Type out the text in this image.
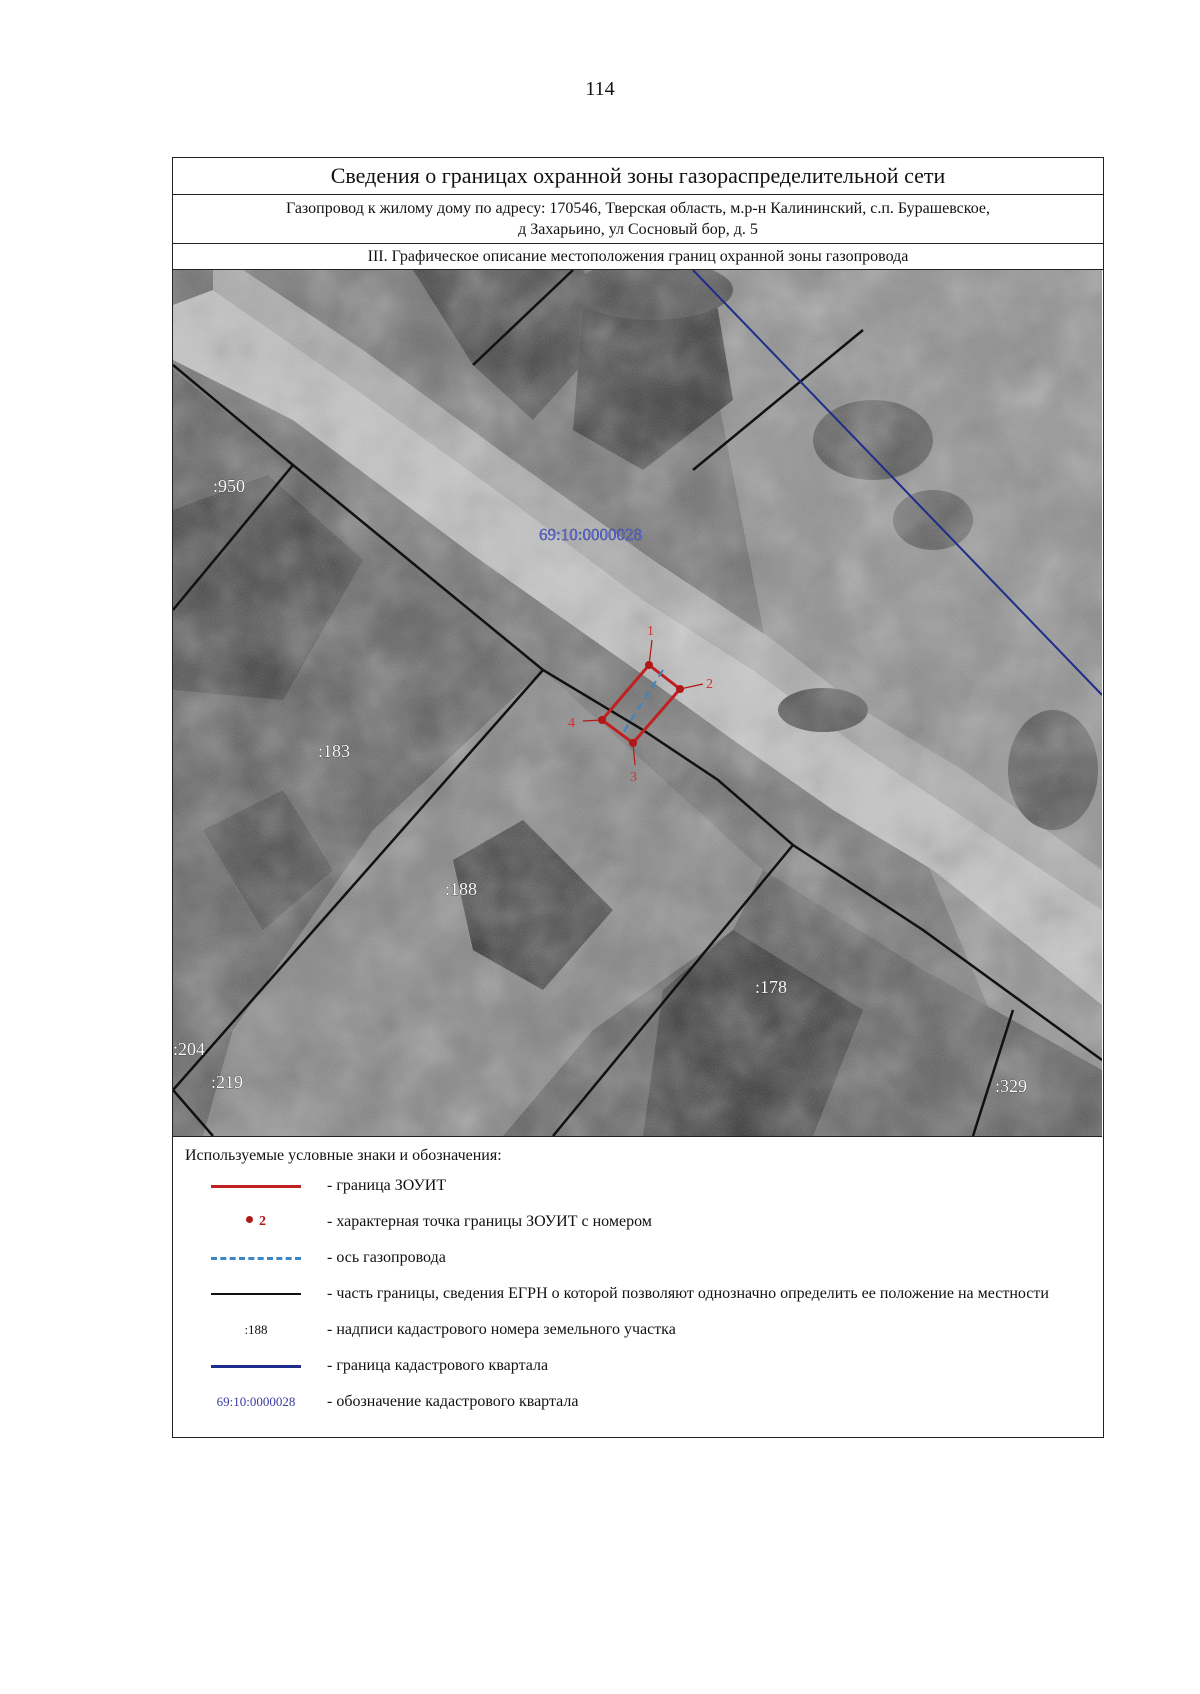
114
Сведения о границах охранной зоны газораспределительной сети
Газопровод к жилому дому по адресу: 170546, Тверская область, м.р-н Калининский, с.п. Бурашевское,
д Захарьино, ул Сосновый бор, д. 5
III. Графическое описание местоположения границ охранной зоны газопровода
1
2
3
4
:950
:183
:188
:178
:204
:219	:329
69:10:0000028
Используемые условные знаки и обозначения:
- граница ЗОУИТ
2	- характерная точка границы ЗОУИТ с номером
- ось газопровода
- часть границы, сведения ЕГРН о которой позволяют однозначно определить ее положение на местности
:188	- надписи кадастрового номера земельного участка
- граница кадастрового квартала
69:10:0000028 - обозначение кадастрового квартала
